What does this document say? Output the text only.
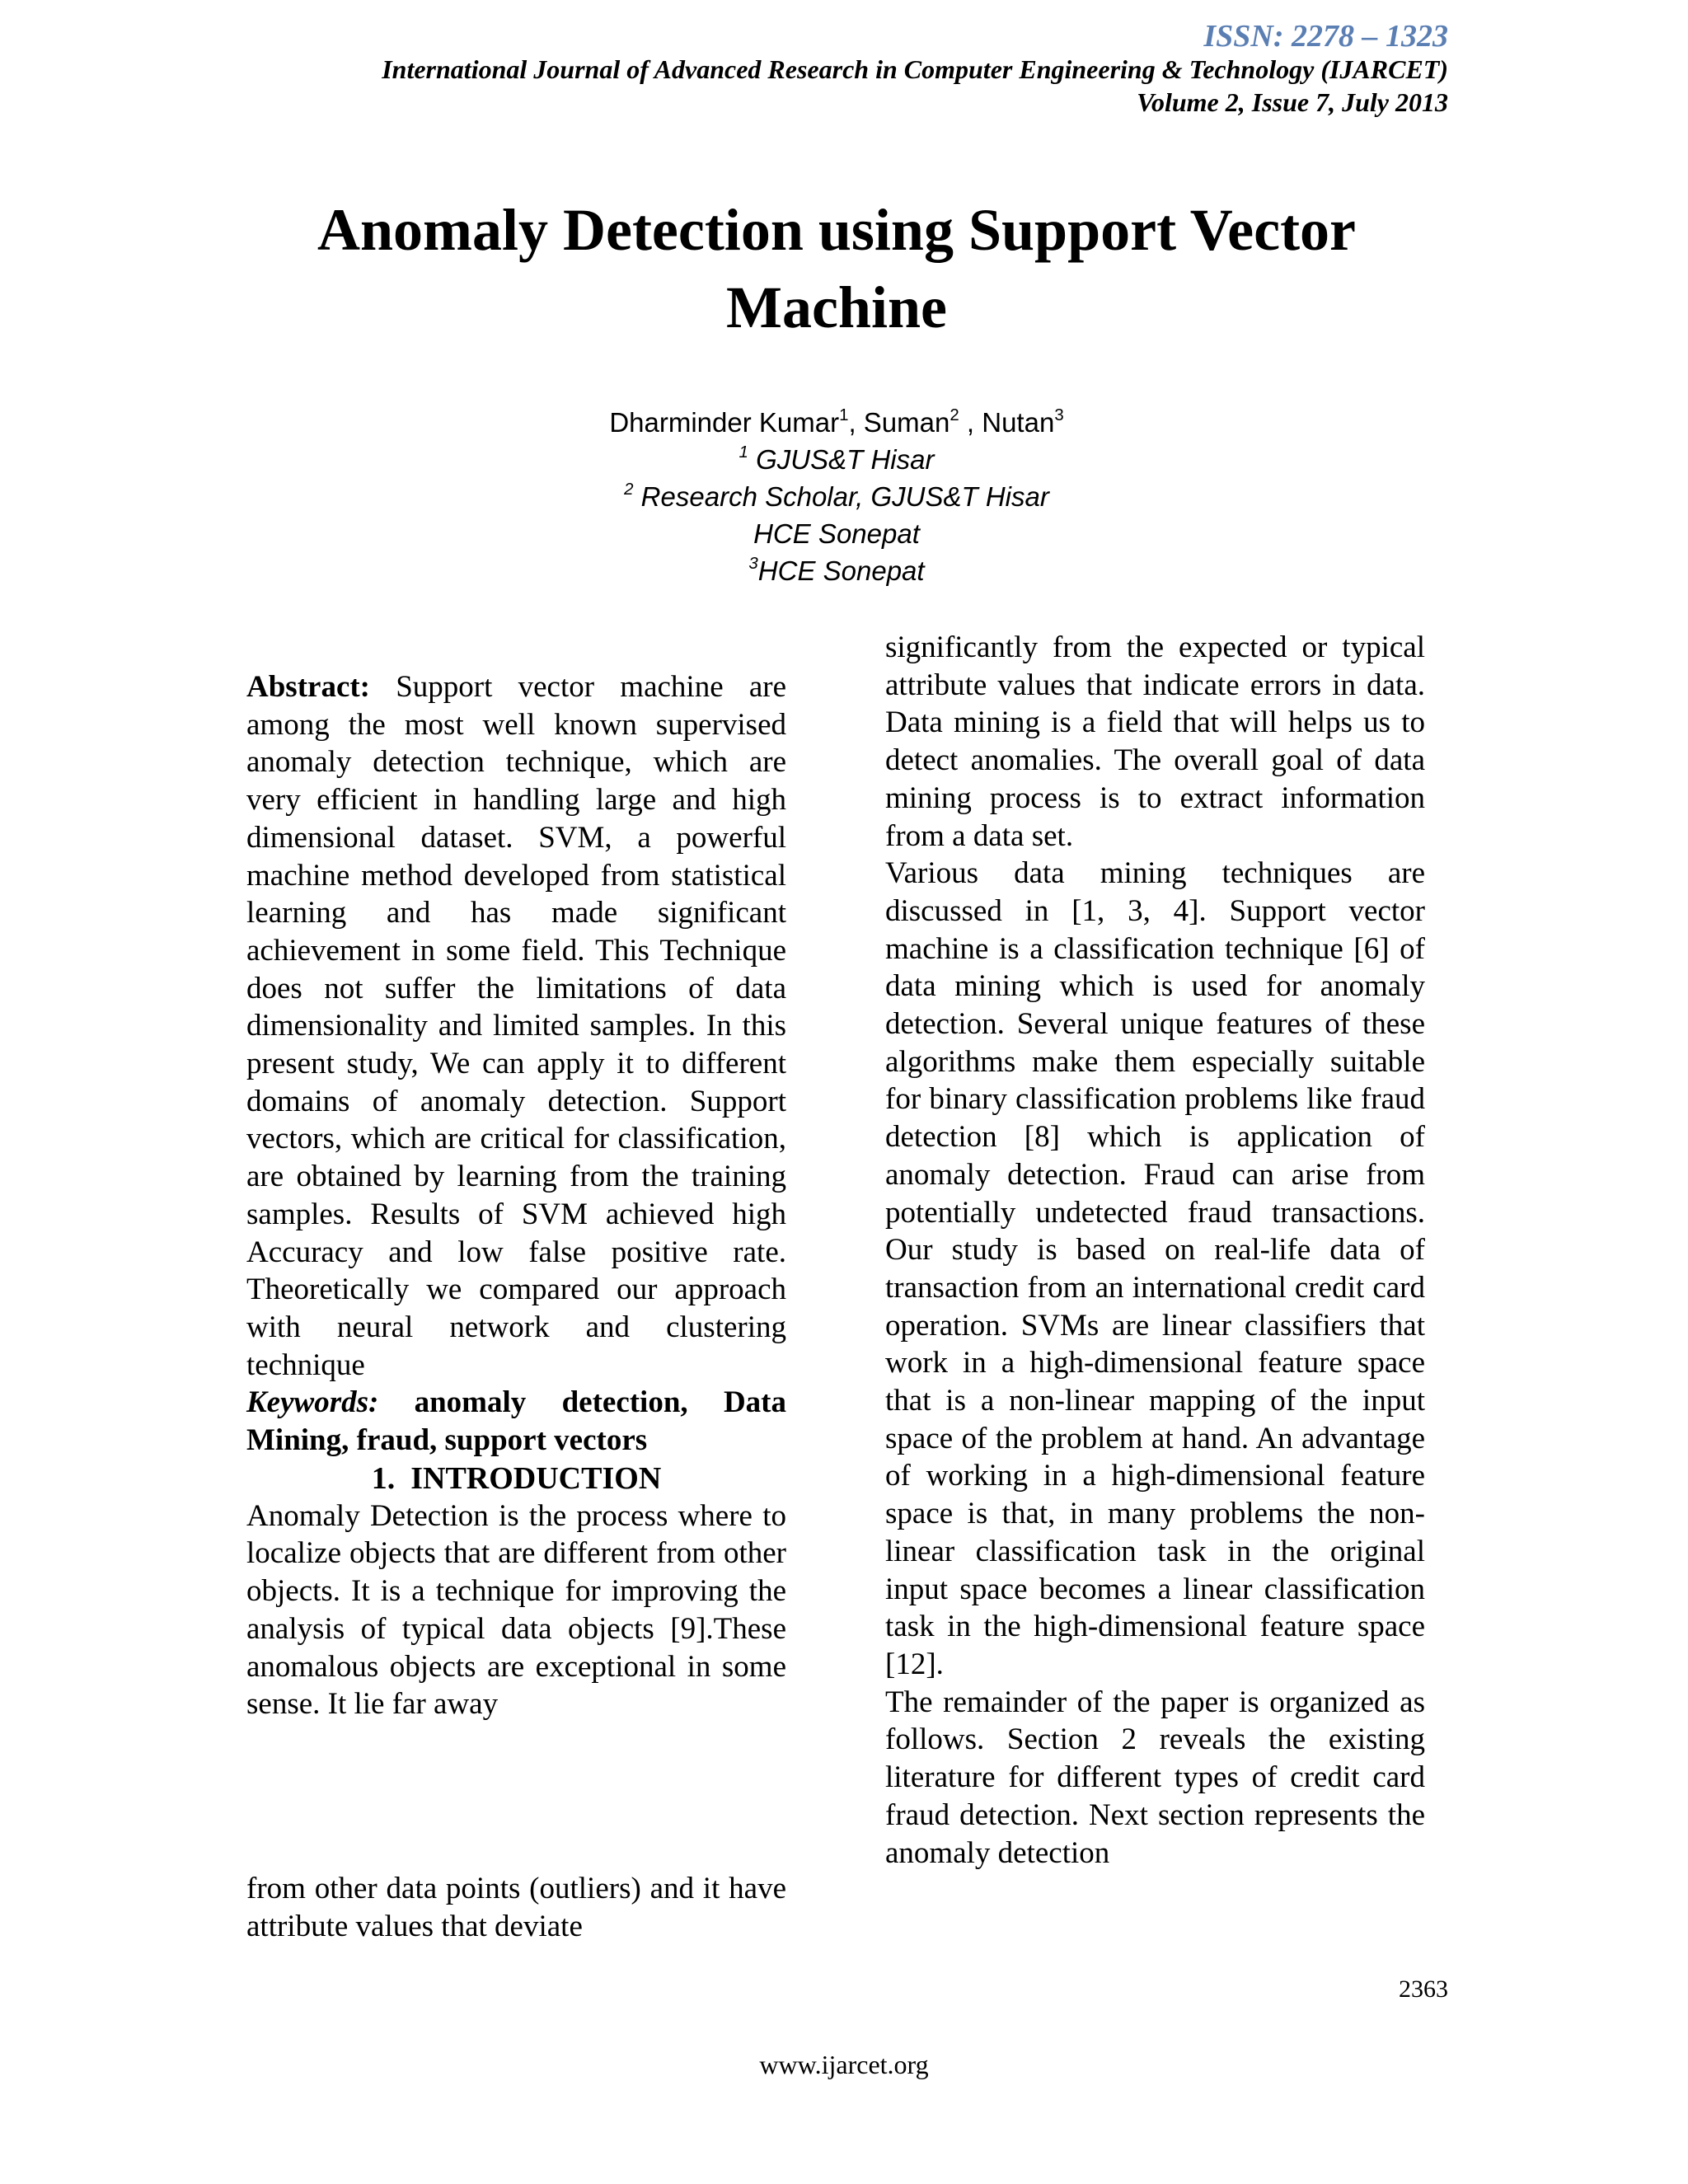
ISSN: 2278 – 1323
International Journal of Advanced Research in Computer Engineering & Technology (IJARCET)
Volume 2, Issue 7, July 2013
Anomaly Detection using Support Vector Machine
Dharminder Kumar$^1$, Suman$^2$ , Nutan$^3$
$^1$ GJUS&T Hisar
$^2$ Research Scholar, GJUS&T Hisar
HCE Sonepat
$^3$HCE Sonepat

Abstract: Support vector machine are among the most well known supervised anomaly detection technique, which are very efficient in handling large and high dimensional dataset. SVM, a powerful machine method developed from statistical learning and has made significant achievement in some field. This Technique does not suffer the limitations of data dimensionality and limited samples. In this present study, We can apply it to different domains of anomaly detection. Support vectors, which are critical for classification, are obtained by learning from the training samples. Results of SVM achieved high Accuracy and low false positive rate. Theoretically we compared our approach with neural network and clustering technique

Keywords: anomaly detection, Data Mining, fraud, support vectors

1.  INTRODUCTION

Anomaly Detection is the process where to localize objects that are different from other objects. It is a technique for improving the analysis of typical data objects [9].These anomalous objects are exceptional in some sense. It lie far away

from other data points (outliers) and it have attribute values that deviate

significantly from the expected or typical attribute values that indicate errors in data. Data mining is a field that will helps us to detect anomalies. The overall goal of data mining process is to extract information from a data set.

Various data mining techniques are discussed in [1, 3, 4]. Support vector machine is a classification technique [6] of data mining which is used for anomaly detection. Several unique features of these algorithms make them especially suitable for binary classification problems like fraud detection [8] which is application of anomaly detection. Fraud can arise from potentially undetected fraud transactions. Our study is based on real-life data of transaction from an international credit card operation. SVMs are linear classifiers that work in a high-dimensional feature space that is a non-linear mapping of the input space of the problem at hand. An advantage of working in a high-dimensional feature space is that, in many problems the non-linear classification task in the original input space becomes a linear classification task in the high-dimensional feature space [12].

The remainder of the paper is organized as follows. Section 2 reveals the existing literature for different types of credit card fraud detection. Next section represents the anomaly detection

2363
www.ijarcet.org
